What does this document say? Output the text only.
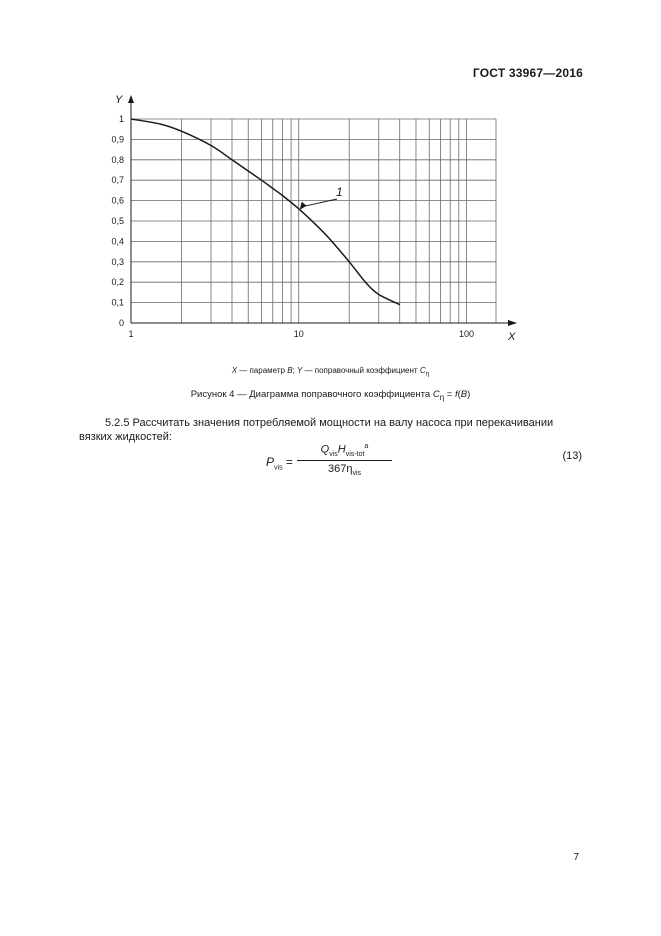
ГОСТ 33967—2016
0
0,1
0,2
0,3
0,4
0,5
0,6
0,7
0,8
0,9
1
1	10	100
Y
X
1
X — параметр B; Y — поправочный коэффициент $C_\eta$
Рисунок 4 — Диаграмма поправочного коэффициента $C_\eta = f(B)$
5.2.5 Рассчитать значения потребляемой мощности на валу насоса при перекачивании вязких жидкостей:
$P_{vis}$ =
$Q_{vis}H_{vis-tot}^a$
$367\eta_{vis}$
(13)
7
